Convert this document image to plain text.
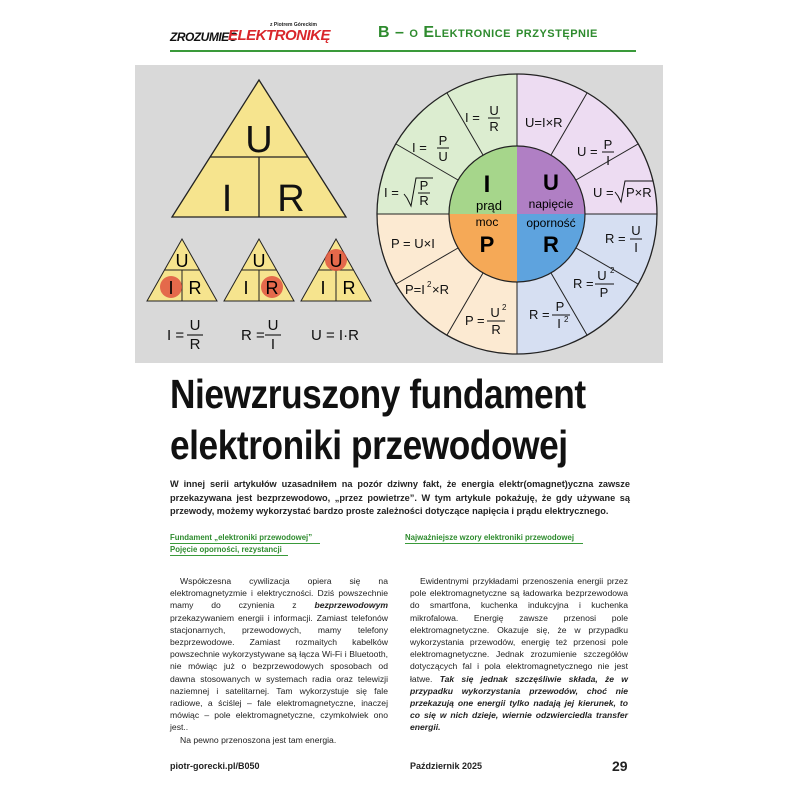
z Piotrem Góreckim
ZROZUMIEĆ
ELEKTRONIKĘ	B – o Elektronice przystępnie
U
I R
U
I R
U
I R
U
I R
I =
U
R
R =
U
I
U = I·R
I
prąd
U
napięcie
moc
P
oporność
R
I = U
R
I = P
U
I = P
R
U=I×R
U = P
I
U = P×R
R =
U
I
R =
U 2
P
R =
P
I 2
P = U×I
P=I 2 ×R
P =
U 2
R
Niewzruszony fundament
elektroniki przewodowej
W innej serii artykułów uzasadniłem na pozór dziwny fakt, że energia elektr(omagnet)yczna zawsze przekazywana jest bezprzewodowo, „przez powietrze”. W tym artykule pokażuję, że gdy używane są przewody, możemy wykorzystać bardzo proste zależności dotyczące napięcia i prądu elektrycznego.
Fundament „elektroniki przewodowej”
Pojęcie oporności, rezystancji
Najważniejsze wzory elektroniki przewodowej

Współczesna cywilizacja opiera się na elektromagnetyzmie i elektryczności. Dziś powszechnie mamy do czynienia z bezprzewodowym przekazywaniem energii i informacji. Zamiast telefonów stacjonarnych, przewodowych, mamy telefony bezprzewodowe. Zamiast rozmaitych kabelków powszechnie wykorzystywane są łącza Wi-Fi i Bluetooth, nie mówiąc już o bezprzewodowych sposobach od dawna stosowanych w systemach radia oraz telewizji naziemnej i satelitarnej. Tam wykorzystuje się fale radiowe, a ściślej – fale elektromagnetyczne, inaczej mówiąc – pole elektromagnetyczne, czymkolwiek ono jest..

Na pewno przenoszona jest tam energia.

Ewidentnymi przykładami przenoszenia energii przez pole elektromagnetyczne są ładowarka bezprzewodowa do smartfona, kuchenka indukcyjna i kuchenka mikrofalowa. Energię zawsze przenosi pole elektromagnetyczne. Okazuje się, że w przypadku wykorzystania przewodów, energię też przenosi pole elektromagnetyczne. Jednak zrozumienie szczegółów dotyczących fal i pola elektromagnetycznego nie jest łatwe. Tak się jednak szczęśliwie składa, że w przypadku wykorzystania przewodów, choć nie przekazują one energii tylko nadają jej kierunek, to co się w nich dzieje, wiernie odzwierciedla transfer energii.

piotr-gorecki.pl/B050	Październik 2025	29
